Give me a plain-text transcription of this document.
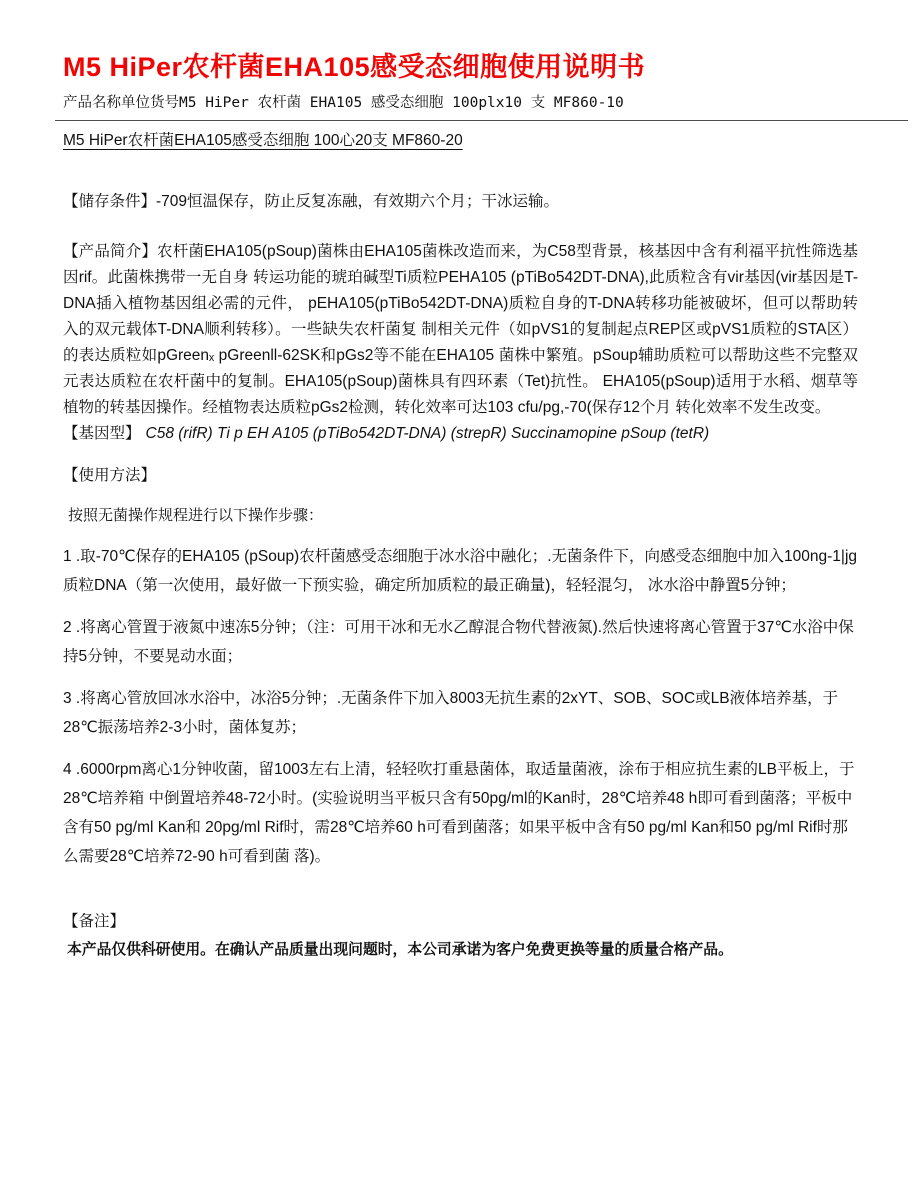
M5 HiPer农杆菌EHA105感受态细胞使用说明书
产品名称单位货号M5 HiPer 农杆菌 EHA105 感受态细胞 100plx10 支 MF860-10
M5 HiPer农杆菌EHA105感受态细胞 100心20支 MF860-20

【储存条件】-709恒温保存，防止反复冻融，有效期六个月；干冰运输。

【产品简介】农杆菌EHA105(pSoup)菌株由EHA105菌株改造而来，为C58型背景，核基因中含有利福平抗性筛选基因rif。此菌株携带一无自身 转运功能的琥珀碱型Ti质粒PEHA105 (pTiBo542DT-DNA),此质粒含有vir基因(vir基因是T-DNA插入植物基因组必需的元件， pEHA105(pTiBo542DT-DNA)质粒自身的T-DNA转移功能被破坏，但可以帮助转入的双元载体T-DNA顺利转移）。一些缺失农杆菌复 制相关元件（如pVS1的复制起点REP区或pVS1质粒的STA区）的表达质粒如pGreenₓ pGreenll-62SK和pGs2等不能在EHA105 菌株中繁殖。pSoup辅助质粒可以帮助这些不完整双元表达质粒在农杆菌中的复制。EHA105(pSoup)菌株具有四环素（Tet)抗性。 EHA105(pSoup)适用于水稻、烟草等植物的转基因操作。经植物表达质粒pGs2检测，转化效率可达103 cfu/pg,-70(保存12个月 转化效率不发生改变。

【基因型】 C58 (rifR) Ti p EH A105 (pTiBo542DT-DNA) (strepR) Succinamopine pSoup (tetR)

【使用方法】

按照无菌操作规程进行以下操作步骤：

1 .取-70℃保存的EHA105 (pSoup)农杆菌感受态细胞于冰水浴中融化；.无菌条件下，向感受态细胞中加入100ng-1|jg质粒DNA（第一次使用，最好做一下预实验，确定所加质粒的最正确量)，轻轻混匀， 冰水浴中静置5分钟；

2 .将离心管置于液氮中速冻5分钟；（注：可用干冰和无水乙醇混合物代替液氮).然后快速将离心管置于37℃水浴中保持5分钟，不要晃动水面；

3 .将离心管放回冰水浴中，冰浴5分钟；.无菌条件下加入8003无抗生素的2xYT、SOB、SOC或LB液体培养基，于28℃振荡培养2-3小时，菌体复苏；

4 .6000rpm离心1分钟收菌，留1003左右上清，轻轻吹打重悬菌体，取适量菌液，涂布于相应抗生素的LB平板上，于28℃培养箱 中倒置培养48-72小时。(实验说明当平板只含有50pg/ml的Kan时，28℃培养48 h即可看到菌落；平板中含有50 pg/ml Kan和 20pg/ml Rif时，需28℃培养60 h可看到菌落；如果平板中含有50 pg/ml Kan和50 pg/ml Rif时那么需要28℃培养72-90 h可看到菌 落)。

【备注】

本产品仅供科研使用。在确认产品质量出现问题时，本公司承诺为客户免费更换等量的质量合格产品。
